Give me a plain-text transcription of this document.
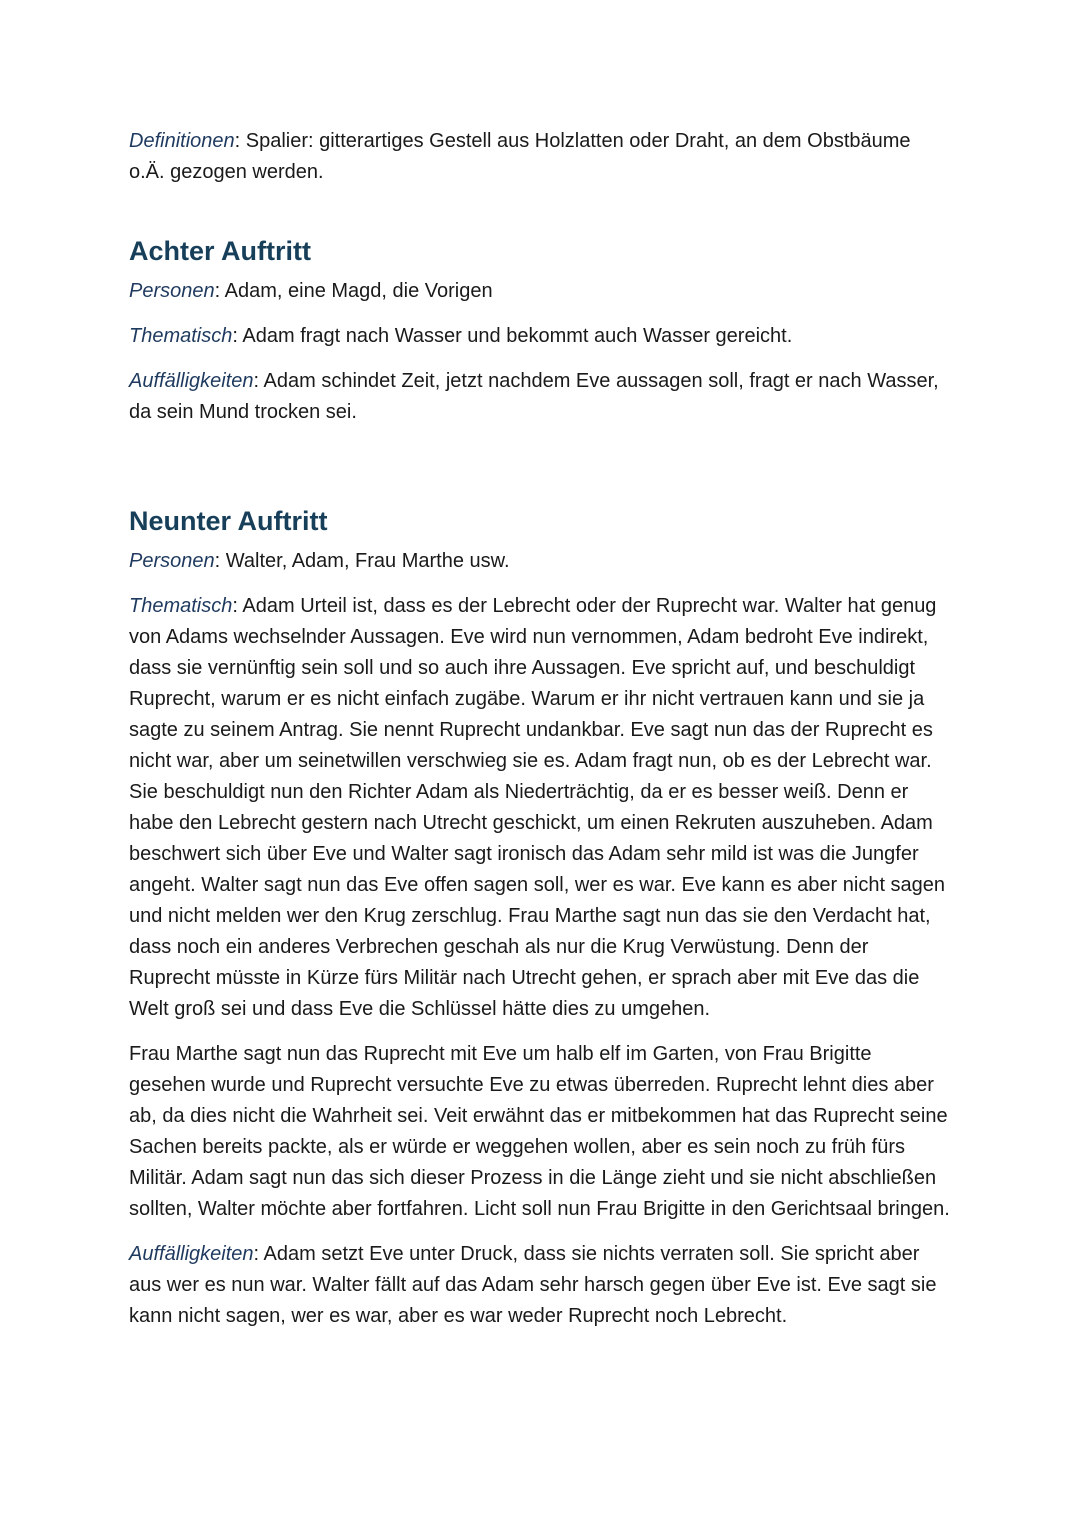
Definitionen: Spalier: gitterartiges Gestell aus Holzlatten oder Draht, an dem Obstbäume o.Ä. gezogen werden.

Achter Auftritt

Personen: Adam, eine Magd, die Vorigen

Thematisch: Adam fragt nach Wasser und bekommt auch Wasser gereicht.

Auffälligkeiten: Adam schindet Zeit, jetzt nachdem Eve aussagen soll, fragt er nach Wasser, da sein Mund trocken sei.

Neunter Auftritt

Personen: Walter, Adam, Frau Marthe usw.

Thematisch: Adam Urteil ist, dass es der Lebrecht oder der Ruprecht war. Walter hat genug von Adams wechselnder Aussagen. Eve wird nun vernommen, Adam bedroht Eve indirekt, dass sie vernünftig sein soll und so auch ihre Aussagen. Eve spricht auf, und beschuldigt Ruprecht, warum er es nicht einfach zugäbe. Warum er ihr nicht vertrauen kann und sie ja sagte zu seinem Antrag. Sie nennt Ruprecht undankbar. Eve sagt nun das der Ruprecht es nicht war, aber um seinetwillen verschwieg sie es. Adam fragt nun, ob es der Lebrecht war. Sie beschuldigt nun den Richter Adam als Niederträchtig, da er es besser weiß. Denn er habe den Lebrecht gestern nach Utrecht geschickt, um einen Rekruten auszuheben. Adam beschwert sich über Eve und Walter sagt ironisch das Adam sehr mild ist was die Jungfer angeht. Walter sagt nun das Eve offen sagen soll, wer es war. Eve kann es aber nicht sagen und nicht melden wer den Krug zerschlug. Frau Marthe sagt nun das sie den Verdacht hat, dass noch ein anderes Verbrechen geschah als nur die Krug Verwüstung. Denn der Ruprecht müsste in Kürze fürs Militär nach Utrecht gehen, er sprach aber mit Eve das die Welt groß sei und dass Eve die Schlüssel hätte dies zu umgehen.

Frau Marthe sagt nun das Ruprecht mit Eve um halb elf im Garten, von Frau Brigitte gesehen wurde und Ruprecht versuchte Eve zu etwas überreden. Ruprecht lehnt dies aber ab, da dies nicht die Wahrheit sei. Veit erwähnt das er mitbekommen hat das Ruprecht seine Sachen bereits packte, als er würde er weggehen wollen, aber es sein noch zu früh fürs Militär. Adam sagt nun das sich dieser Prozess in die Länge zieht und sie nicht abschließen sollten, Walter möchte aber fortfahren. Licht soll nun Frau Brigitte in den Gerichtsaal bringen.

Auffälligkeiten: Adam setzt Eve unter Druck, dass sie nichts verraten soll. Sie spricht aber aus wer es nun war. Walter fällt auf das Adam sehr harsch gegen über Eve ist. Eve sagt sie kann nicht sagen, wer es war, aber es war weder Ruprecht noch Lebrecht.
